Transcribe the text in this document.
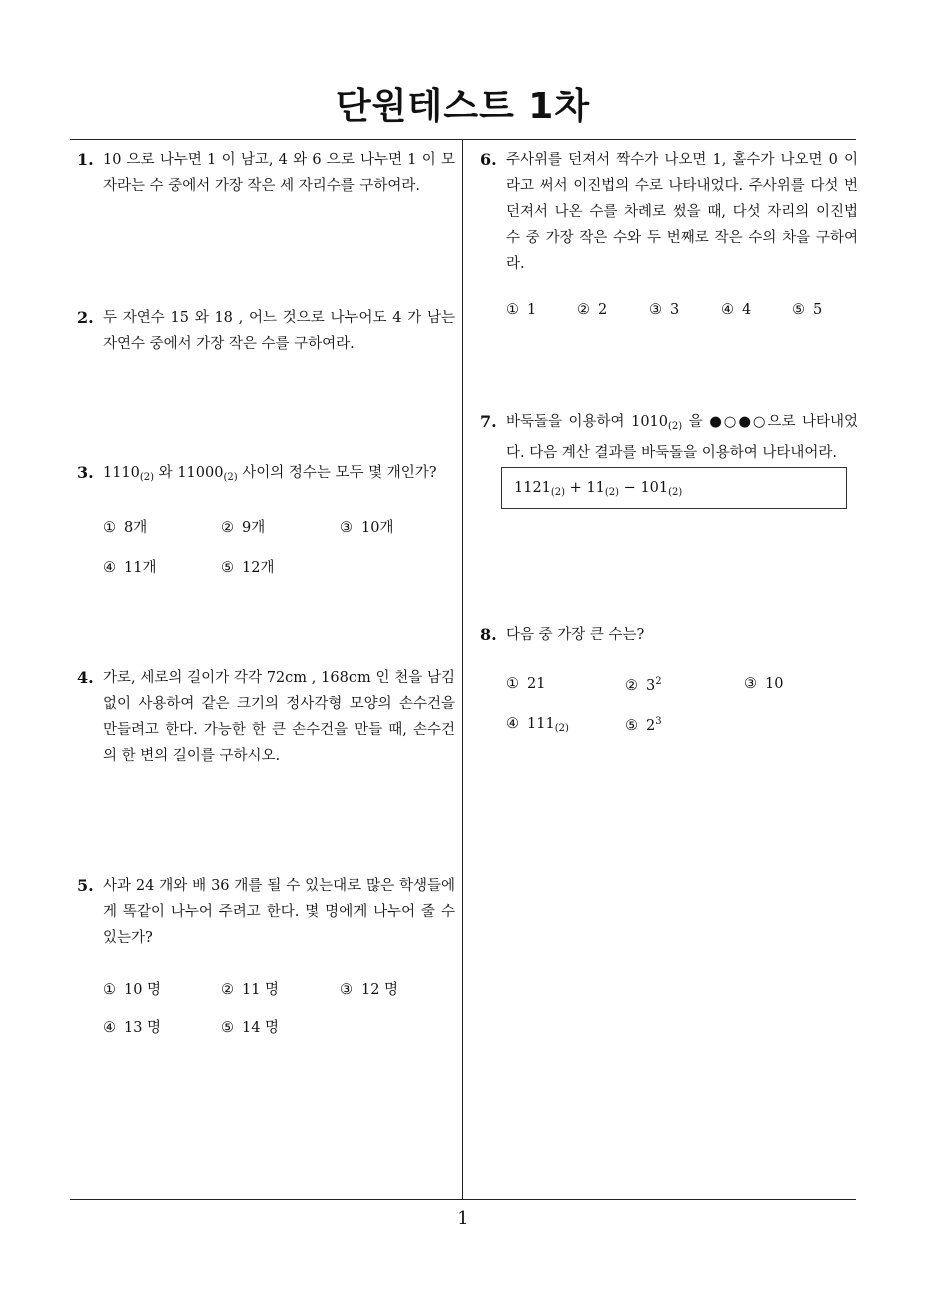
단원테스트 1차
1
1. 10 으로 나누면 1 이 남고, 4 와 6 으로 나누면 1 이 모자라는 수 중에서 가장 작은 세 자리수를 구하여라.
2. 두 자연수 15 와 18 , 어느 것으로 나누어도 4 가 남는 자연수 중에서 가장 작은 수를 구하여라.
3. $1110_{(2)}$ 와 $11000_{(2)}$ 사이의 정수는 모두 몇 개인가?
① 8개	② 9개	③ 10개
④ 11개	⑤ 12개
4. 가로, 세로의 길이가 각각 72cm , 168cm 인 천을 남김 없이 사용하여 같은 크기의 정사각형 모양의 손수건을 만들려고 한다. 가능한 한 큰 손수건을 만들 때, 손수건의 한 변의 길이를 구하시오.
5. 사과 24 개와 배 36 개를 될 수 있는대로 많은 학생들에게 똑같이 나누어 주려고 한다. 몇 명에게 나누어 줄 수 있는가?
① 10 명	② 11 명	③ 12 명
④ 13 명	⑤ 14 명
6. 주사위를 던져서 짝수가 나오면 1, 홀수가 나오면 0 이라고 써서 이진법의 수로 나타내었다. 주사위를 다섯 번 던져서 나온 수를 차례로 썼을 때, 다섯 자리의 이진법 수 중 가장 작은 수와 두 번째로 작은 수의 차을 구하여라.
① 1	② 2	③ 3	④ 4	⑤ 5
7. 바둑돌을 이용하여 $1010_{(2)}$ 을 ●○●○으로 나타내었다. 다음 계산 결과를 바둑돌을 이용하여 나타내어라.
$1121_{(2)} + 11_{(2)} - 101_{(2)}$
8. 다음 중 가장 큰 수는?
① 21	② $3^2$	③ 10
④ $111_{(2)}$	⑤ $2^3$
